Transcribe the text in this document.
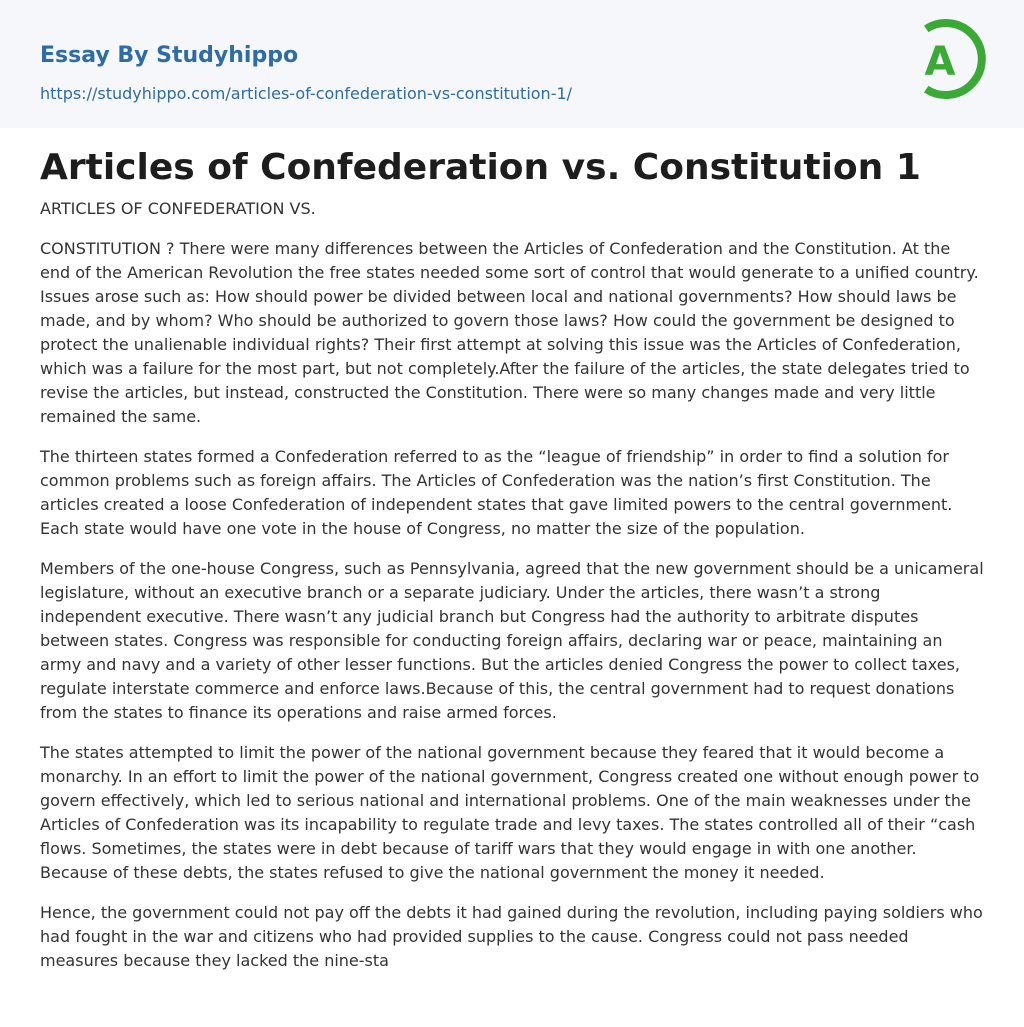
Essay By Studyhippo
https://studyhippo.com/articles-of-confederation-vs-constitution-1/
A
Articles of Confederation vs. Constitution 1

ARTICLES OF CONFEDERATION VS.

CONSTITUTION ? There were many differences between the Articles of Confederation and the Constitution. At the end of the American Revolution the free states needed some sort of control that would generate to a unified country. Issues arose such as: How should power be divided between local and national governments? How should laws be made, and by whom? Who should be authorized to govern those laws? How could the government be designed to protect the unalienable individual rights? Their first attempt at solving this issue was the Articles of Confederation, which was a failure for the most part, but not completely.After the failure of the articles, the state delegates tried to revise the articles, but instead, constructed the Constitution. There were so many changes made and very little remained the same.

The thirteen states formed a Confederation referred to as the “league of friendship” in order to find a solution for common problems such as foreign affairs. The Articles of Confederation was the nation’s first Constitution. The articles created a loose Confederation of independent states that gave limited powers to the central government. Each state would have one vote in the house of Congress, no matter the size of the population.

Members of the one-house Congress, such as Pennsylvania, agreed that the new government should be a unicameral legislature, without an executive branch or a separate judiciary. Under the articles, there wasn’t a strong independent executive. There wasn’t any judicial branch but Congress had the authority to arbitrate disputes between states. Congress was responsible for conducting foreign affairs, declaring war or peace, maintaining an army and navy and a variety of other lesser functions. But the articles denied Congress the power to collect taxes, regulate interstate commerce and enforce laws.Because of this, the central government had to request donations from the states to finance its operations and raise armed forces.

The states attempted to limit the power of the national government because they feared that it would become a monarchy. In an effort to limit the power of the national government, Congress created one without enough power to govern effectively, which led to serious national and international problems. One of the main weaknesses under the Articles of Confederation was its incapability to regulate trade and levy taxes. The states controlled all of their “cash flows. Sometimes, the states were in debt because of tariff wars that they would engage in with one another. Because of these debts, the states refused to give the national government the money it needed.

Hence, the government could not pay off the debts it had gained during the revolution, including paying soldiers who had fought in the war and citizens who had provided supplies to the cause. Congress could not pass needed measures because they lacked the nine-sta
